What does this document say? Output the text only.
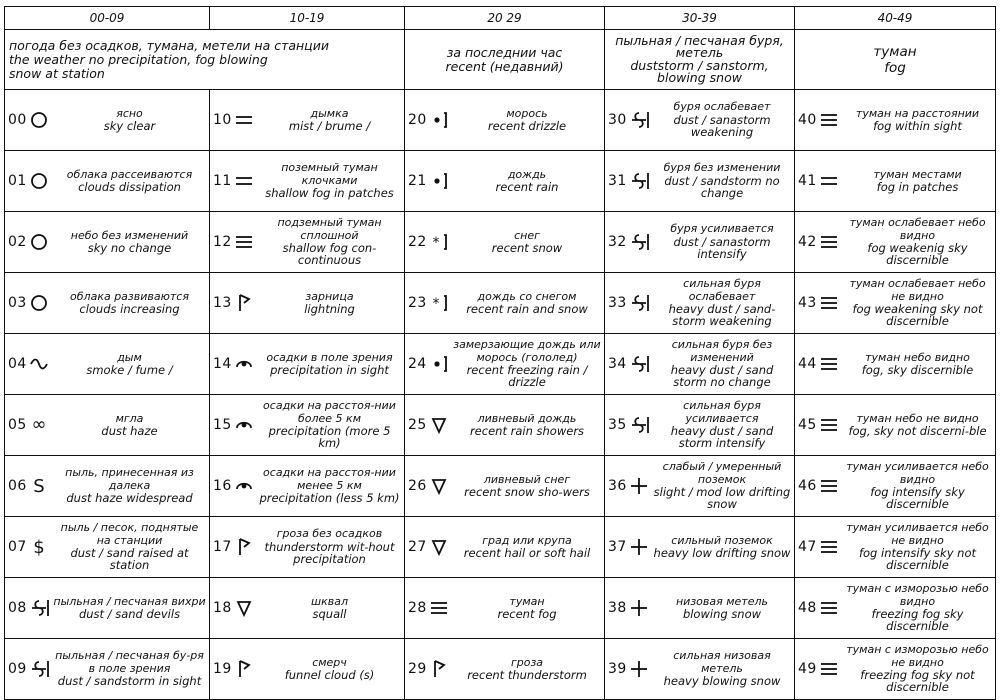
00-09	10-19	20 29	30-39	40-49

погода без осадков, тумана, метели на станции
the weather no precipitation, fog blowing
snow at station		за последнии час
recent (недавний)	пыльная / песчаная буря,
метель
duststorm / sanstorm,
blowing snow	туман
fog

00 ясно
sky clear	10 дымка
mist / brume /	20 морось
recent drizzle	30
буря ослабевает
dust / sanastorm weakening	40 туман на расстоянии
fog within sight

01 облака рассеиваются
clouds dissipation	11
поземный туман клочками
shallow fog in patches	21 дождь
recent rain	31
буря без изменении
dust / sandstorm no change	41 туман местами
fog in patches

02 небо без изменений
sky no change	12
подземный туман сплошной
shallow fog con-continuous	22 * снег
recent snow	32
буря усиливается
dust / sanastorm intensify	42
туман ослабевает небо видно
fog weakenig sky discernible

03 облака развиваются
clouds increasing	13 зарница
lightning	23 * дождь со снегом
recent rain and snow	33
сильная буря ослабевает
heavy dust / sand-storm weakening	43
туман ослабевает небо не видно
fog weakening sky not discernible

04 дым
smoke / fume /	14 осадки в поле зрения
precipitation in sight	24
замерзающие дождь или морось (гололед)
recent freezing rain / drizzle	34
сильная буря без изменений
heavy dust / sand storm no change	44 туман небо видно
fog, sky discernible

05 ∞ мгла
dust haze	15
осадки на расстоя-нии более 5 км
precipitation (more 5 km)	25 ливневый дождь
recent rain showers	35
сильная буря усиливается
heavy dust / sand storm intensify	45 туман небо не видно
fog, sky not discerni-ble

06 S
пыль, принесенная из далека
dust haze widespread	16
осадки на расстоя-нии менее 5 км
precipitation (less 5 km)	26 ливневый снег
recent snow sho-wers	36
слабый / умеренный поземок
slight / mod low drifting snow	46
туман усиливается небо видно
fog intensify sky discernible

07 $
пыль / песок, поднятые на станции
dust / sand raised at station	17
гроза без осадков
thunderstorm wit-hout precipitation	27 град или крупа
recent hail or soft hail	37 сильный поземок
heavy low drifting snow	47
туман усиливается небо не видно
fog intensify sky not discernible

08 пыльная / песчаная вихри
dust / sand devils	18 шквал
squall	28 туман
recent fog	38 низовая метель
blowing snow	48
туман с изморозью небо видно
freezing fog sky discernible

09
пыльная / песчаная бу-ря в поле зрения
dust / sandstorm in sight	19 смерч
funnel cloud (s)	29 гроза
recent thunderstorm	39
сильная низовая метель
heavy blowing snow	49
туман с изморозью небо не видно
freezing fog sky not discernible
